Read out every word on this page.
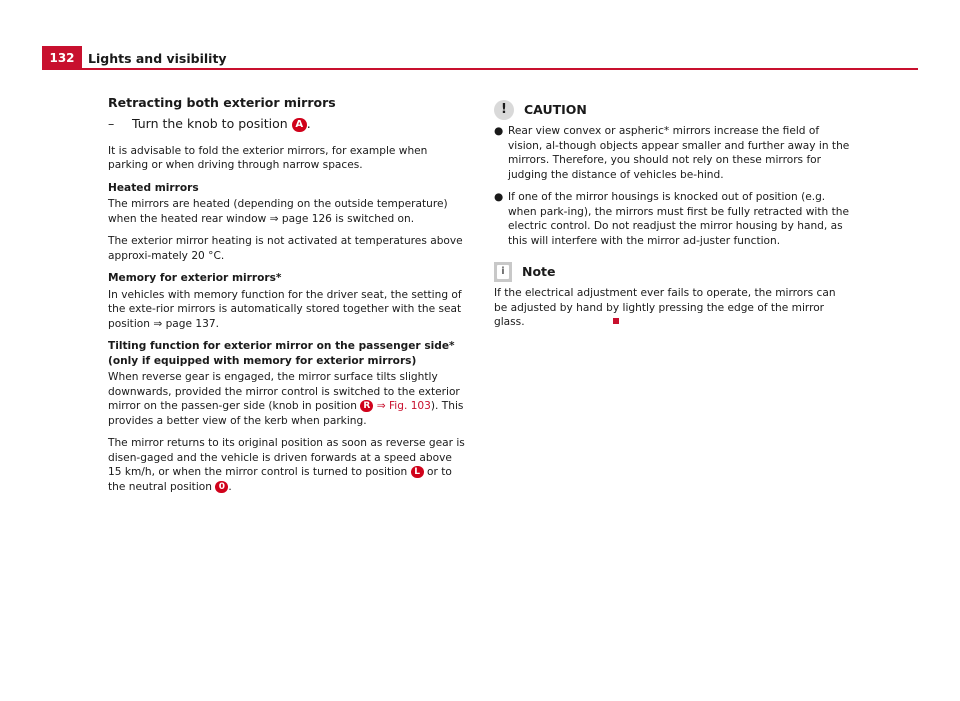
132	Lights and visibility
Retracting both exterior mirrors
–	Turn the knob to position A .

It is advisable to fold the exterior mirrors, for example when parking or when driving through narrow spaces.

Heated mirrors

The mirrors are heated (depending on the outside temperature) when the heated rear window ⇒ page 126 is switched on.

The exterior mirror heating is not activated at temperatures above approxi-mately 20 °C.

Memory for exterior mirrors*

In vehicles with memory function for the driver seat, the setting of the exte-rior mirrors is automatically stored together with the seat position ⇒ page 137.

Tilting function for exterior mirror on the passenger side* (only if equipped with memory for exterior mirrors)

When reverse gear is engaged, the mirror surface tilts slightly downwards, provided the mirror control is switched to the exterior mirror on the passen-ger side (knob in position R ⇒ Fig. 103). This provides a better view of the kerb when parking.

The mirror returns to its original position as soon as reverse gear is disen-gaged and the vehicle is driven forwards at a speed above 15 km/h, or when the mirror control is turned to position L or to the neutral position 0 .

!	CAUTION
● Rear view convex or aspheric* mirrors increase the field of vision, al-though objects appear smaller and further away in the mirrors. Therefore, you should not rely on these mirrors for judging the distance of vehicles be-hind.
● If one of the mirror housings is knocked out of position (e.g. when park-ing), the mirrors must first be fully retracted with the electric control. Do not readjust the mirror housing by hand, as this will interfere with the mirror ad-juster function.
i	Note

If the electrical adjustment ever fails to operate, the mirrors can be adjusted by hand by lightly pressing the edge of the mirror glass.
